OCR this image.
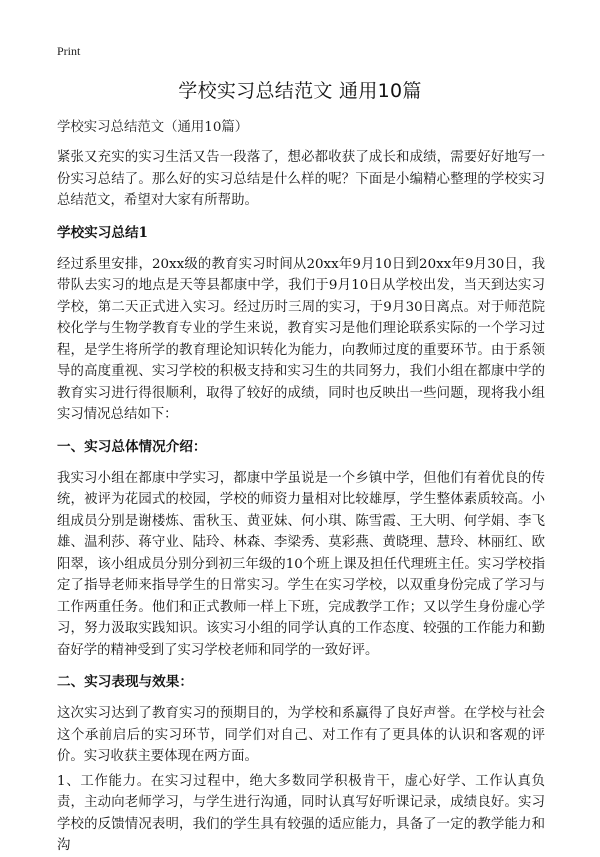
Print
学校实习总结范文 通用10篇

学校实习总结范文（通用10篇）

紧张又充实的实习生活又告一段落了，想必都收获了成长和成绩，需要好好地写一份实习总结了。那么好的实习总结是什么样的呢？下面是小编精心整理的学校实习总结范文，希望对大家有所帮助。

学校实习总结1

经过系里安排，20xx级的教育实习时间从20xx年9月10日到20xx年9月30日，我带队去实习的地点是天等县都康中学，我们于9月10日从学校出发，当天到达实习学校，第二天正式进入实习。经过历时三周的实习，于9月30日离点。对于师范院校化学与生物学教育专业的学生来说，教育实习是他们理论联系实际的一个学习过程，是学生将所学的教育理论知识转化为能力，向教师过度的重要环节。由于系领导的高度重视、实习学校的积极支持和实习生的共同努力，我们小组在都康中学的教育实习进行得很顺利，取得了较好的成绩，同时也反映出一些问题，现将我小组实习情况总结如下：

一、实习总体情况介绍：

我实习小组在都康中学实习，都康中学虽说是一个乡镇中学，但他们有着优良的传统，被评为花园式的校园，学校的师资力量相对比较雄厚，学生整体素质较高。小组成员分别是谢楼炼、雷秋玉、黄亚妹、何小琪、陈雪霞、王大明、何学娟、李飞雄、温利莎、蒋守业、陆玲、林森、李梁秀、莫彩燕、黄晓理、慧玲、林丽红、欧阳翠，该小组成员分别分到初三年级的10个班上课及担任代理班主任。实习学校指定了指导老师来指导学生的日常实习。学生在实习学校，以双重身份完成了学习与工作两重任务。他们和正式教师一样上下班，完成教学工作；又以学生身份虚心学习，努力汲取实践知识。该实习小组的同学认真的工作态度、较强的工作能力和勤奋好学的精神受到了实习学校老师和同学的一致好评。

二、实习表现与效果：

这次实习达到了教育实习的预期目的，为学校和系赢得了良好声誉。在学校与社会这个承前启后的实习环节，同学们对自己、对工作有了更具体的认识和客观的评价。实习收获主要体现在两方面。

1、工作能力。在实习过程中，绝大多数同学积极肯干，虚心好学、工作认真负责，主动向老师学习，与学生进行沟通，同时认真写好听课记录，成绩良好。实习学校的反馈情况表明，我们的学生具有较强的适应能力，具备了一定的教学能力和沟
